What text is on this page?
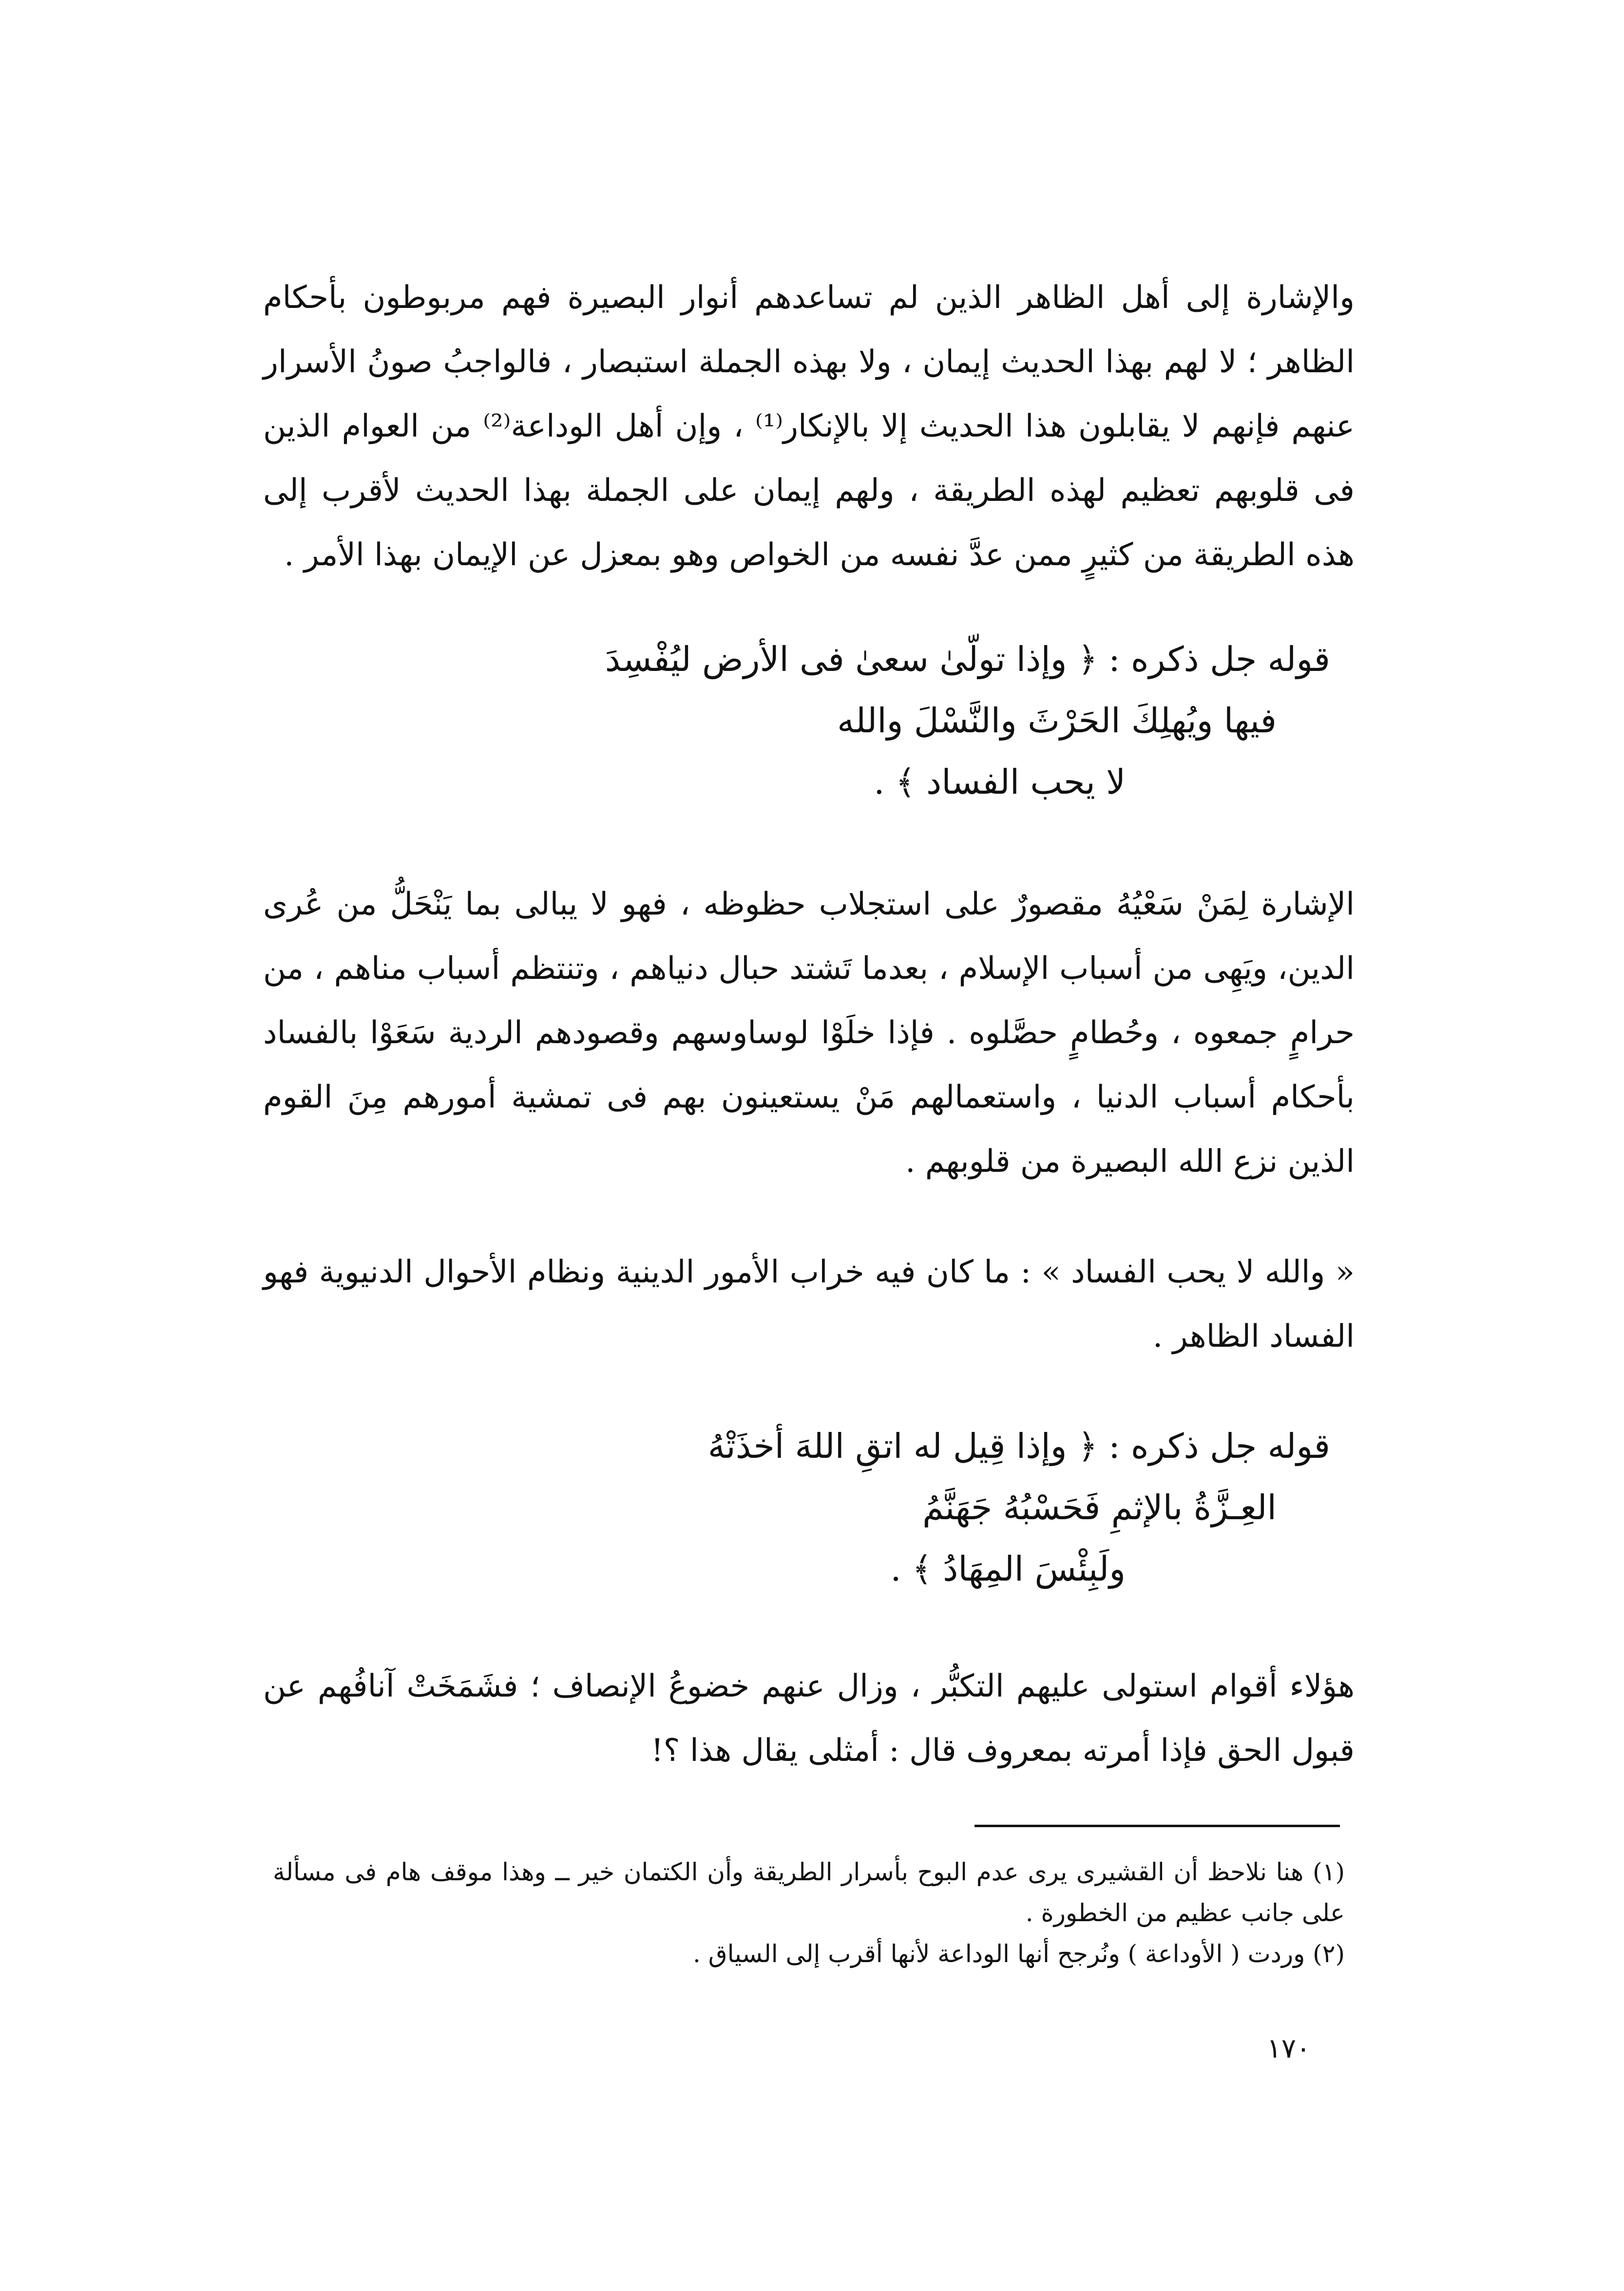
والإشارة إلى أهل الظاهر الذين لم تساعدهم أنوار البصيرة فهم مربوطون بأحكام الظاهر ؛ لا لهم بهذا الحديث إيمان ، ولا بهذه الجملة استبصار ، فالواجبُ صونُ الأسرار عنهم فإنهم لا يقابلون هذا الحديث إلا بالإنكار⁽¹⁾ ، وإن أهل الوداعة⁽²⁾ من العوام الذين فى قلوبهم تعظيم لهذه الطريقة ، ولهم إيمان على الجملة بهذا الحديث لأقرب إلى هذه الطريقة من كثيرٍ ممن عدَّ نفسه من الخواص وهو بمعزل عن الإيمان بهذا الأمر .

قوله جل ذكره : ﴿ وإذا تولّىٰ سعىٰ فى الأرض ليُفْسِدَ
فيها ويُهلِكَ الحَرْثَ والنَّسْلَ والله
لا يحب الفساد ﴾ .

الإشارة لِمَنْ سَعْيُهُ مقصورٌ على استجلاب حظوظه ، فهو لا يبالى بما يَنْحَلُّ من عُرى الدين، ويَهِى من أسباب الإسلام ، بعدما تَشتد حبال دنياهم ، وتنتظم أسباب مناهم ، من حرامٍ جمعوه ، وحُطامٍ حصَّلوه . فإذا خلَوْا لوساوسهم وقصودهم الردية سَعَوْا بالفساد بأحكام أسباب الدنيا ، واستعمالهم مَنْ يستعينون بهم فى تمشية أمورهم مِنَ القوم الذين نزع الله البصيرة من قلوبهم .

« والله لا يحب الفساد » : ما كان فيه خراب الأمور الدينية ونظام الأحوال الدنيوية فهو الفساد الظاهر .

قوله جل ذكره : ﴿ وإذا قِيل له اتقِ اللهَ أخذَتْهُ
العِـزَّةُ بالإثمِ فَحَسْبُهُ جَهَنَّمُ
ولَبِئْسَ المِهَادُ ﴾ .

هؤلاء أقوام استولى عليهم التكبُّر ، وزال عنهم خضوعُ الإنصاف ؛ فشَمَخَتْ آنافُهم عن قبول الحق فإذا أمرته بمعروف قال : أمثلى يقال هذا ؟!

(١) هنا نلاحظ أن القشيرى يرى عدم البوح بأسرار الطريقة وأن الكتمان خير ــ وهذا موقف هام فى مسألة على جانب عظيم من الخطورة .

(٢) وردت ( الأوداعة ) ونُرجح أنها الوداعة لأنها أقرب إلى السياق .

١٧٠
